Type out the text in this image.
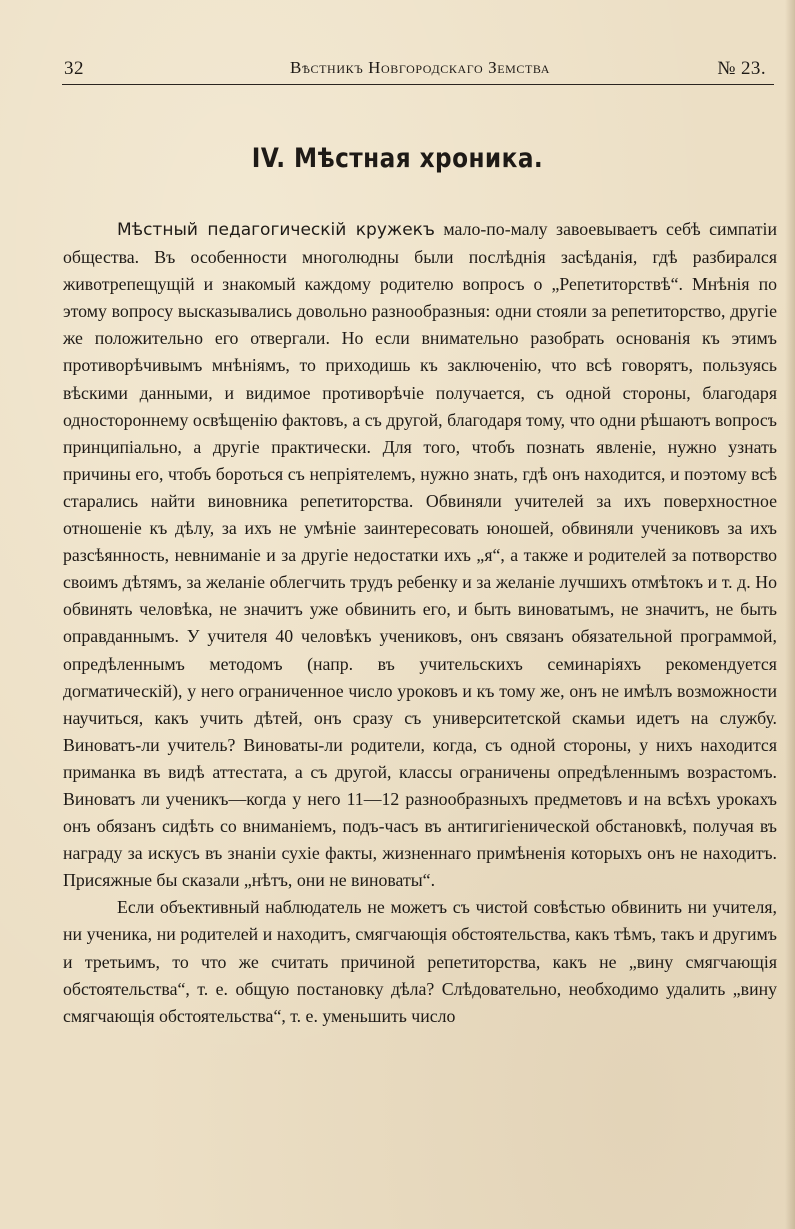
32	Вѣстникъ Новгородскаго Земства	№ 23.
IV. Мѣстная хроника.

Мѣстный педагогическій кружекъ мало-по-малу завоевываетъ себѣ симпатіи общества. Въ особенности многолюдны были послѣднія засѣданія, гдѣ разбирался животрепещущій и знакомый каждому родителю вопросъ о „Репетиторствѣ“. Мнѣнія по этому вопросу высказывались довольно разнообразныя: одни стояли за репетиторство, другіе же положительно его отвергали. Но если внимательно разобрать основанія къ этимъ противорѣчивымъ мнѣніямъ, то приходишь къ заключенію, что всѣ говорятъ, пользуясь вѣскими данными, и видимое противорѣчіе получается, съ одной стороны, благодаря одностороннему освѣщенію фактовъ, а съ другой, благодаря тому, что одни рѣшаютъ вопросъ принципіально, а другіе практически. Для того, чтобъ познать явленіе, нужно узнать причины его, чтобъ бороться съ непріятелемъ, нужно знать, гдѣ онъ находится, и поэтому всѣ старались найти виновника репетиторства. Обвиняли учителей за ихъ поверхностное отношеніе къ дѣлу, за ихъ не умѣніе заинтересовать юношей, обвиняли учениковъ за ихъ разсѣянность, невниманіе и за другіе недостатки ихъ „я“, а также и родителей за потворство своимъ дѣтямъ, за желаніе облегчить трудъ ребенку и за желаніе лучшихъ отмѣтокъ и т. д. Но обвинять человѣка, не значитъ уже обвинить его, и быть виноватымъ, не значитъ, не быть оправданнымъ. У учителя 40 человѣкъ учениковъ, онъ связанъ обязательной программой, опредѣленнымъ методомъ (напр. въ учительскихъ семинаріяхъ рекомендуется догматическій), у него ограниченное число уроковъ и къ тому же, онъ не имѣлъ возможности научиться, какъ учить дѣтей, онъ сразу съ университетской скамьи идетъ на службу. Виноватъ-ли учитель? Виноваты-ли родители, когда, съ одной стороны, у нихъ находится приманка въ видѣ аттестата, а съ другой, классы ограничены опредѣленнымъ возрастомъ. Виноватъ ли ученикъ—когда у него 11—12 разнообразныхъ предметовъ и на всѣхъ урокахъ онъ обязанъ сидѣть со вниманіемъ, подъ-часъ въ антигигіенической обстановкѣ, получая въ награду за искусъ въ знаніи сухіе факты, жизненнаго примѣненія которыхъ онъ не находитъ. Присяжные бы сказали „нѣтъ, они не виноваты“.

Если объективный наблюдатель не можетъ съ чистой совѣстью обвинить ни учителя, ни ученика, ни родителей и находитъ, смягчающія обстоятельства, какъ тѣмъ, такъ и другимъ и третьимъ, то что же считать причиной репетиторства, какъ не „вину смягчающія обстоятельства“, т. е. общую постановку дѣла? Слѣдовательно, необходимо удалить „вину смягчающія обстоятельства“, т. е. уменьшить число
